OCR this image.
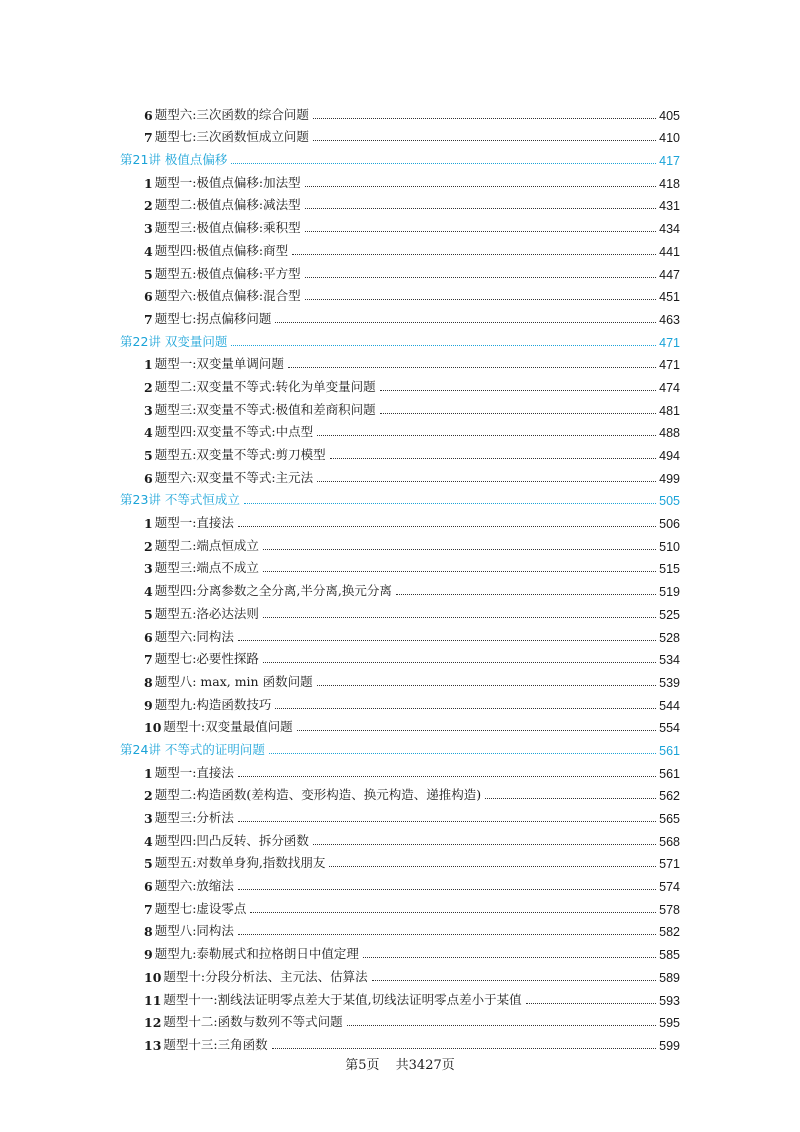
6 题型六:三次函数的综合问题	405
7 题型七:三次函数恒成立问题	410
第21讲 极值点偏移	417
1 题型一:极值点偏移:加法型	418
2 题型二:极值点偏移:减法型	431
3 题型三:极值点偏移:乘积型	434
4 题型四:极值点偏移:商型	441
5 题型五:极值点偏移:平方型	447
6 题型六:极值点偏移:混合型	451
7 题型七:拐点偏移问题	463
第22讲 双变量问题	471
1 题型一:双变量单调问题	471
2 题型二:双变量不等式:转化为单变量问题	474
3 题型三:双变量不等式:极值和差商积问题	481
4 题型四:双变量不等式:中点型	488
5 题型五:双变量不等式:剪刀模型	494
6 题型六:双变量不等式:主元法	499
第23讲 不等式恒成立	505
1 题型一:直接法	506
2 题型二:端点恒成立	510
3 题型三:端点不成立	515
4 题型四:分离参数之全分离,半分离,换元分离	519
5 题型五:洛必达法则	525
6 题型六:同构法	528
7 题型七:必要性探路	534
8 题型八: max, min 函数问题	539
9 题型九:构造函数技巧	544
10 题型十:双变量最值问题	554
第24讲 不等式的证明问题	561
1 题型一:直接法	561
2 题型二:构造函数(差构造、变形构造、换元构造、递推构造)	562
3 题型三:分析法	565
4 题型四:凹凸反转、拆分函数	568
5 题型五:对数单身狗,指数找朋友	571
6 题型六:放缩法	574
7 题型七:虚设零点	578
8 题型八:同构法	582
9 题型九:泰勒展式和拉格朗日中值定理	585
10 题型十:分段分析法、主元法、估算法	589
11 题型十一:割线法证明零点差大于某值,切线法证明零点差小于某值	593
12 题型十二:函数与数列不等式问题	595
13 题型十三:三角函数	599
第5页 共3427页
